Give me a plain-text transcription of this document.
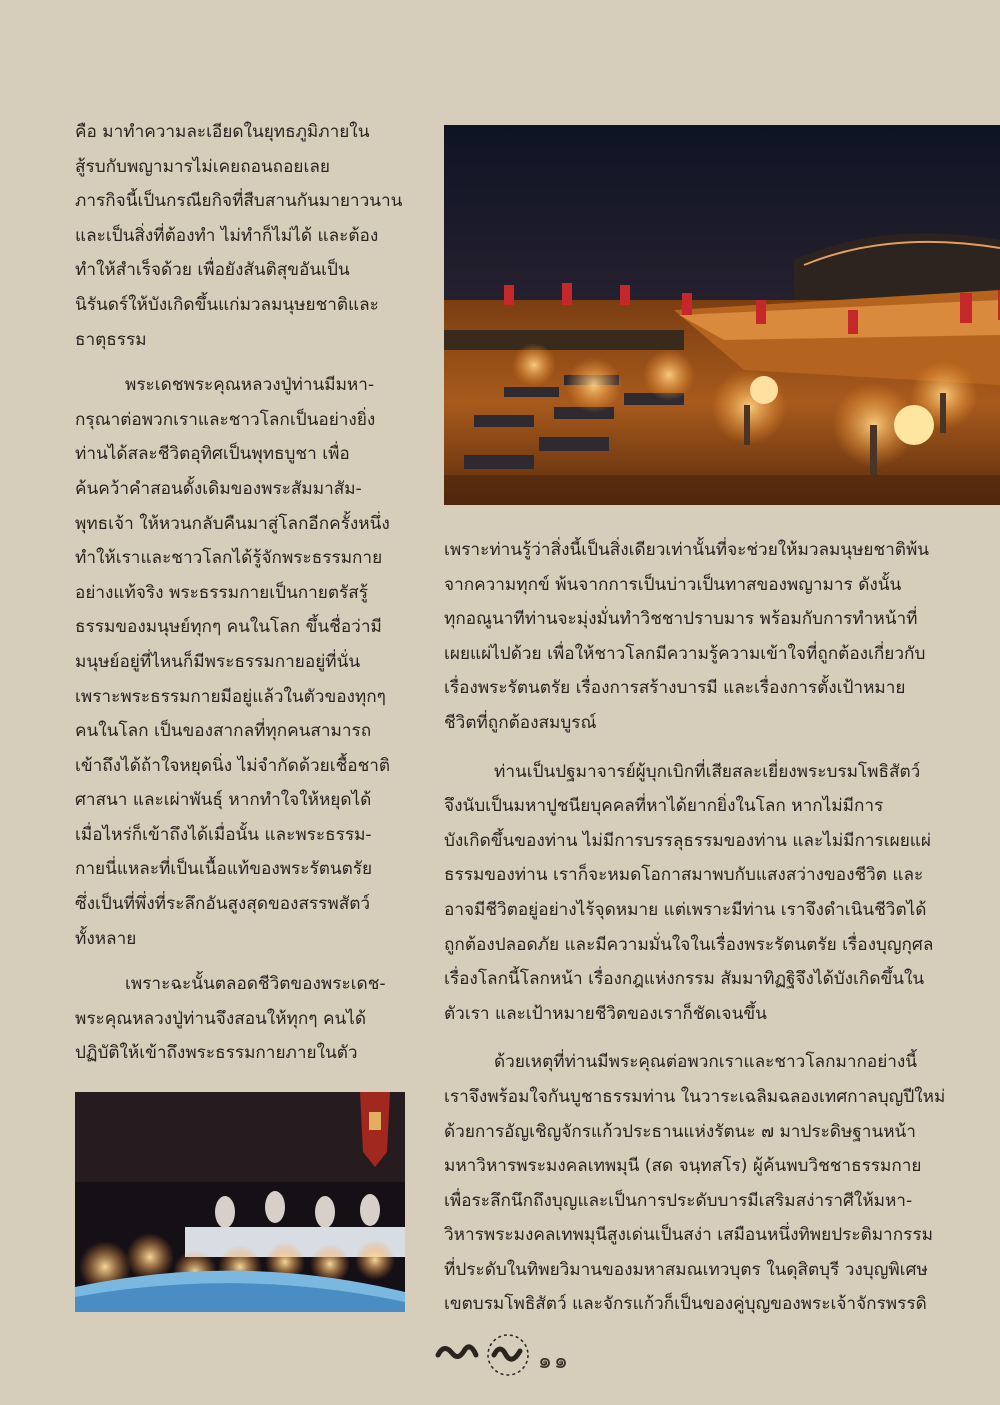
คือ มาทำความละเอียดในยุทธภูมิภายใน
สู้รบกับพญามารไม่เคยถอนถอยเลย
ภารกิจนี้เป็นกรณียกิจที่สืบสานกันมายาวนาน
และเป็นสิ่งที่ต้องทำ ไม่ทำก็ไม่ได้ และต้อง
ทำให้สำเร็จด้วย เพื่อยังสันติสุขอันเป็น
นิรันดร์ให้บังเกิดขึ้นแก่มวลมนุษยชาติและ
ธาตุธรรม

พระเดชพระคุณหลวงปู่ท่านมีมหา-
กรุณาต่อพวกเราและชาวโลกเป็นอย่างยิ่ง
ท่านได้สละชีวิตอุทิศเป็นพุทธบูชา เพื่อ
ค้นคว้าคำสอนดั้งเดิมของพระสัมมาสัม-
พุทธเจ้า ให้หวนกลับคืนมาสู่โลกอีกครั้งหนึ่ง
ทำให้เราและชาวโลกได้รู้จักพระธรรมกาย
อย่างแท้จริง พระธรรมกายเป็นกายตรัสรู้
ธรรมของมนุษย์ทุกๆ คนในโลก ขึ้นชื่อว่ามี
มนุษย์อยู่ที่ไหนก็มีพระธรรมกายอยู่ที่นั่น
เพราะพระธรรมกายมีอยู่แล้วในตัวของทุกๆ
คนในโลก เป็นของสากลที่ทุกคนสามารถ
เข้าถึงได้ถ้าใจหยุดนิ่ง ไม่จำกัดด้วยเชื้อชาติ
ศาสนา และเผ่าพันธุ์ หากทำใจให้หยุดได้
เมื่อไหร่ก็เข้าถึงได้เมื่อนั้น และพระธรรม-
กายนี่แหละที่เป็นเนื้อแท้ของพระรัตนตรัย
ซึ่งเป็นที่พึ่งที่ระลึกอันสูงสุดของสรรพสัตว์
ทั้งหลาย

เพราะฉะนั้นตลอดชีวิตของพระเดช-
พระคุณหลวงปู่ท่านจึงสอนให้ทุกๆ คนได้
ปฏิบัติให้เข้าถึงพระธรรมกายภายในตัว

เพราะท่านรู้ว่าสิ่งนี้เป็นสิ่งเดียวเท่านั้นที่จะช่วยให้มวลมนุษยชาติพ้น
จากความทุกข์ พ้นจากการเป็นบ่าวเป็นทาสของพญามาร ดังนั้น
ทุกอณูนาทีท่านจะมุ่งมั่นทำวิชชาปราบมาร พร้อมกับการทำหน้าที่
เผยแผ่ไปด้วย เพื่อให้ชาวโลกมีความรู้ความเข้าใจที่ถูกต้องเกี่ยวกับ
เรื่องพระรัตนตรัย เรื่องการสร้างบารมี และเรื่องการตั้งเป้าหมาย
ชีวิตที่ถูกต้องสมบูรณ์

ท่านเป็นปฐมาจารย์ผู้บุกเบิกที่เสียสละเยี่ยงพระบรมโพธิสัตว์
จึงนับเป็นมหาปูชนียบุคคลที่หาได้ยากยิ่งในโลก หากไม่มีการ
บังเกิดขึ้นของท่าน ไม่มีการบรรลุธรรมของท่าน และไม่มีการเผยแผ่
ธรรมของท่าน เราก็จะหมดโอกาสมาพบกับแสงสว่างของชีวิต และ
อาจมีชีวิตอยู่อย่างไร้จุดหมาย แต่เพราะมีท่าน เราจึงดำเนินชีวิตได้
ถูกต้องปลอดภัย และมีความมั่นใจในเรื่องพระรัตนตรัย เรื่องบุญกุศล
เรื่องโลกนี้โลกหน้า เรื่องกฎแห่งกรรม สัมมาทิฏฐิจึงได้บังเกิดขึ้นใน
ตัวเรา และเป้าหมายชีวิตของเราก็ชัดเจนขึ้น

ด้วยเหตุที่ท่านมีพระคุณต่อพวกเราและชาวโลกมากอย่างนี้
เราจึงพร้อมใจกันบูชาธรรมท่าน ในวาระเฉลิมฉลองเทศกาลบุญปีใหม่
ด้วยการอัญเชิญจักรแก้วประธานแห่งรัตนะ ๗ มาประดิษฐานหน้า
มหาวิหารพระมงคลเทพมุนี (สด จนฺทสโร) ผู้ค้นพบวิชชาธรรมกาย
เพื่อระลึกนึกถึงบุญและเป็นการประดับบารมีเสริมสง่าราศีให้มหา-
วิหารพระมงคลเทพมุนีสูงเด่นเป็นสง่า เสมือนหนึ่งทิพยประติมากรรม
ที่ประดับในทิพยวิมานของมหาสมณเทวบุตร ในดุสิตบุรี วงบุญพิเศษ
เขตบรมโพธิสัตว์ และจักรแก้วก็เป็นของคู่บุญของพระเจ้าจักรพรรดิ

๑๑
